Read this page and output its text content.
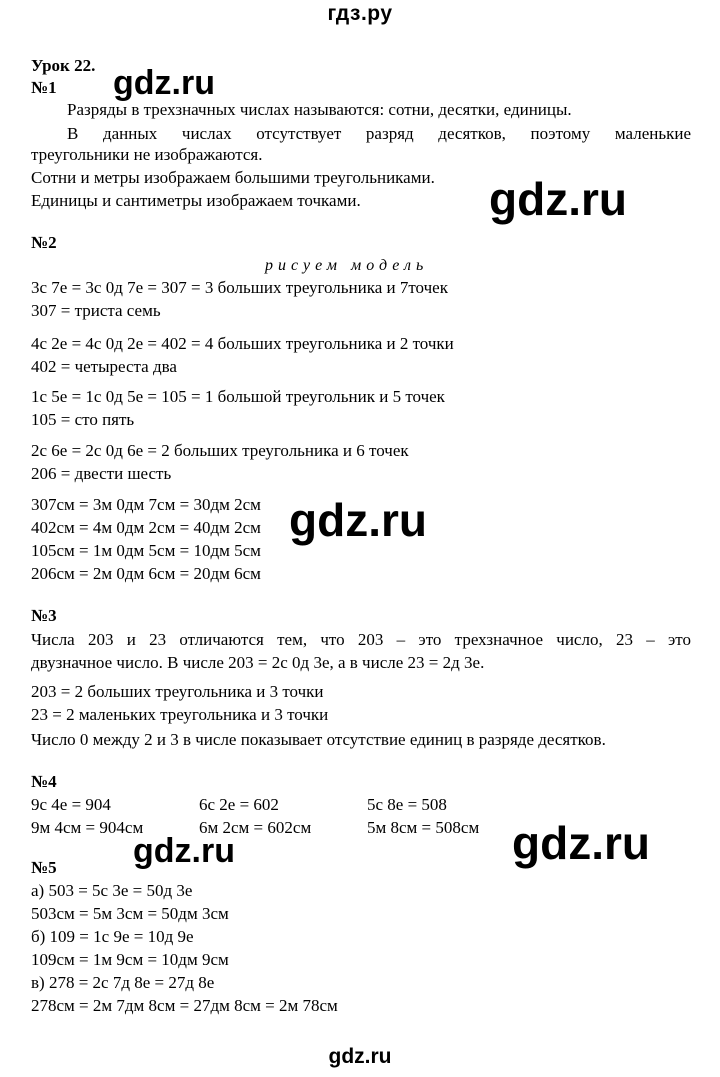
гдз.ру
Урок 22.
№1
Разряды в трехзначных числах называются: сотни, десятки, единицы.
В данных числах отсутствует разряд десятков, поэтому маленькие
треугольники не изображаются.
Сотни и метры изображаем большими треугольниками.
Единицы и сантиметры изображаем точками.
№2
рисуем модель
3с 7е = 3с 0д 7е = 307 = 3 больших треугольника и 7точек
307 = триста семь
4с 2е = 4с 0д 2е = 402 = 4 больших треугольника и 2 точки
402 = четыреста два
1с 5е = 1с 0д 5е = 105 = 1 большой треугольник и 5 точек
105 = сто пять
2с 6е = 2с 0д 6е = 2 больших треугольника и 6 точек
206 = двести шесть
307см = 3м 0дм 7см = 30дм 2см
402см = 4м 0дм 2см = 40дм 2см
105см = 1м 0дм 5см = 10дм 5см
206см = 2м 0дм 6см = 20дм 6см
№3
Числа 203 и 23 отличаются тем, что 203 – это трехзначное число, 23 – это
двузначное число. В числе 203 = 2с 0д 3е, а в числе 23 = 2д 3е.
203 = 2 больших треугольника и 3 точки
23 = 2 маленьких треугольника и 3 точки
Число 0 между 2 и 3 в числе показывает отсутствие единиц в разряде десятков.
№4
9с 4е = 904	6с 2е = 602	5с 8е = 508
9м 4см = 904см	6м 2см = 602см	5м 8см = 508см
№5
а) 503 = 5с 3е = 50д 3е
503см = 5м 3см = 50дм 3см
б) 109 = 1с 9е = 10д 9е
109см = 1м 9см = 10дм 9см
в) 278 = 2с 7д 8е = 27д 8е
278см = 2м 7дм 8см = 27дм 8см = 2м 78см
gdz.ru
gdz.ru
gdz.ru
gdz.ru
gdz.ru
gdz.ru
